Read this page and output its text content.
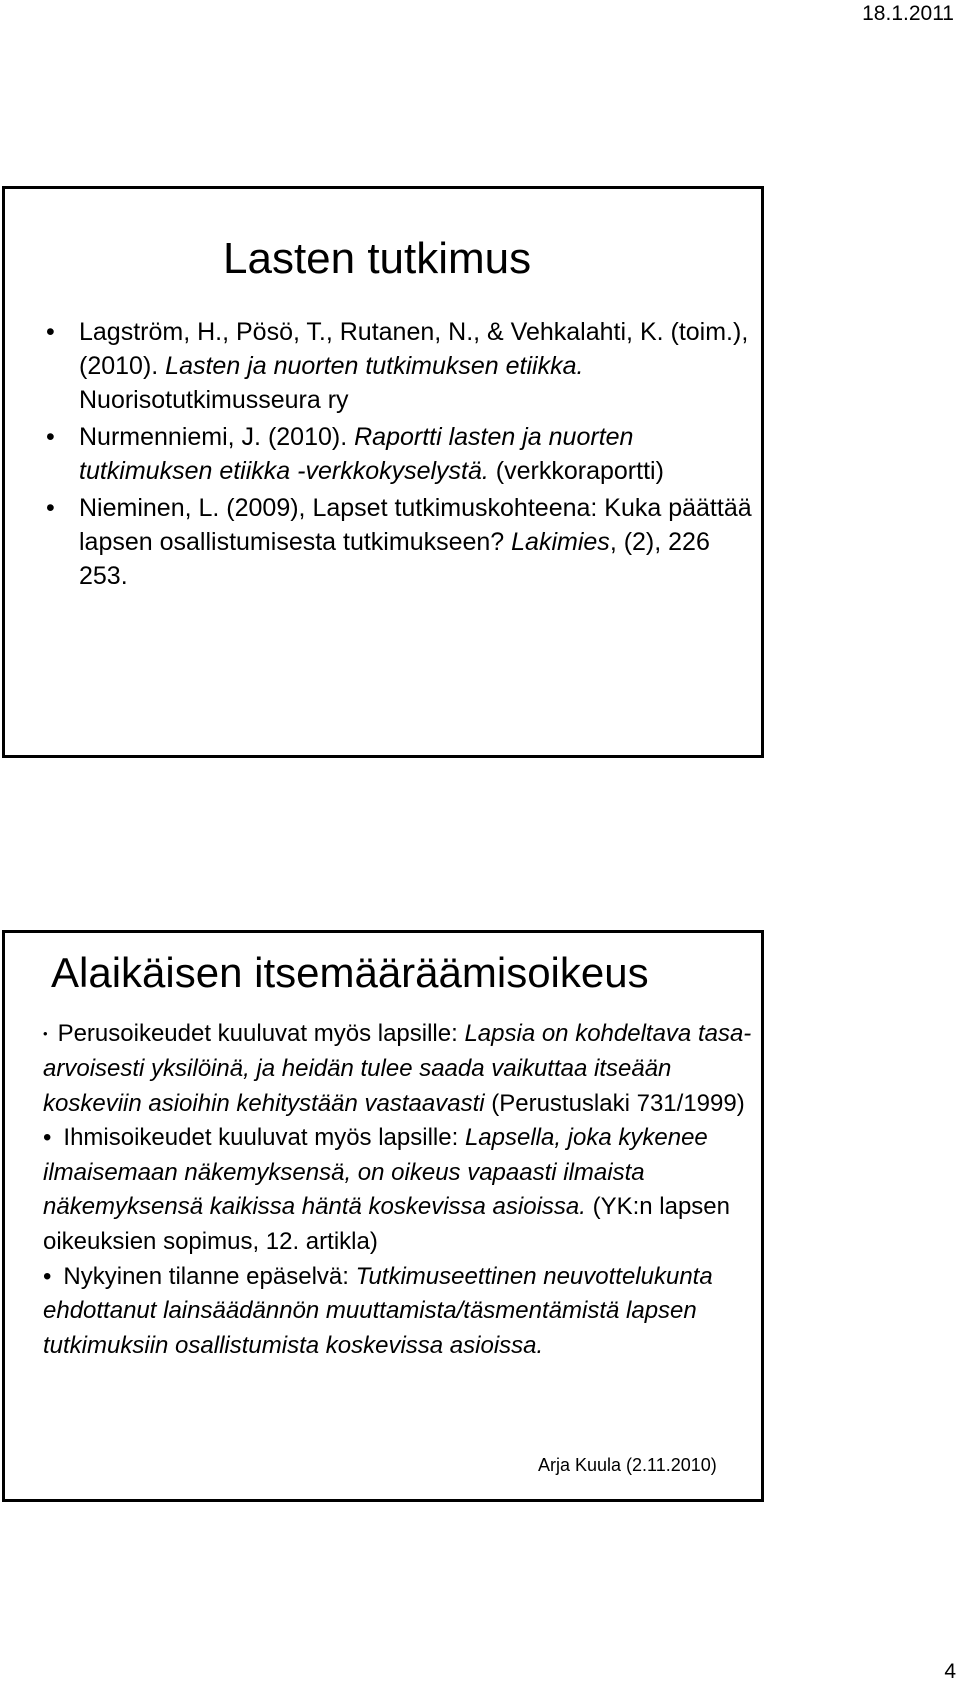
18.1.2011
Lasten tutkimus
• Lagström, H., Pösö, T., Rutanen, N., & Vehkalahti, K. (toim.), (2010). Lasten ja nuorten tutkimuksen etiikka. Nuorisotutkimusseura ry
• Nurmenniemi, J. (2010). Raportti lasten ja nuorten tutkimuksen etiikka -verkkokyselystä. (verkkoraportti)
• Nieminen, L. (2009), Lapset tutkimuskohteena: Kuka päättää lapsen osallistumisesta tutkimukseen? Lakimies, (2), 226 253.
Alaikäisen itsemääräämisoikeus
• Perusoikeudet kuuluvat myös lapsille: Lapsia on kohdeltava tasa-arvoisesti yksilöinä, ja heidän tulee saada vaikuttaa itseään koskeviin asioihin kehitystään vastaavasti (Perustuslaki 731/1999)
• Ihmisoikeudet kuuluvat myös lapsille: Lapsella, joka kykenee ilmaisemaan näkemyksensä, on oikeus vapaasti ilmaista näkemyksensä kaikissa häntä koskevissa asioissa. (YK:n lapsen oikeuksien sopimus, 12. artikla)
• Nykyinen tilanne epäselvä: Tutkimuseettinen neuvottelukunta ehdottanut lainsäädännön muuttamista/täsmentämistä lapsen tutkimuksiin osallistumista koskevissa asioissa.
Arja Kuula (2.11.2010)
4
